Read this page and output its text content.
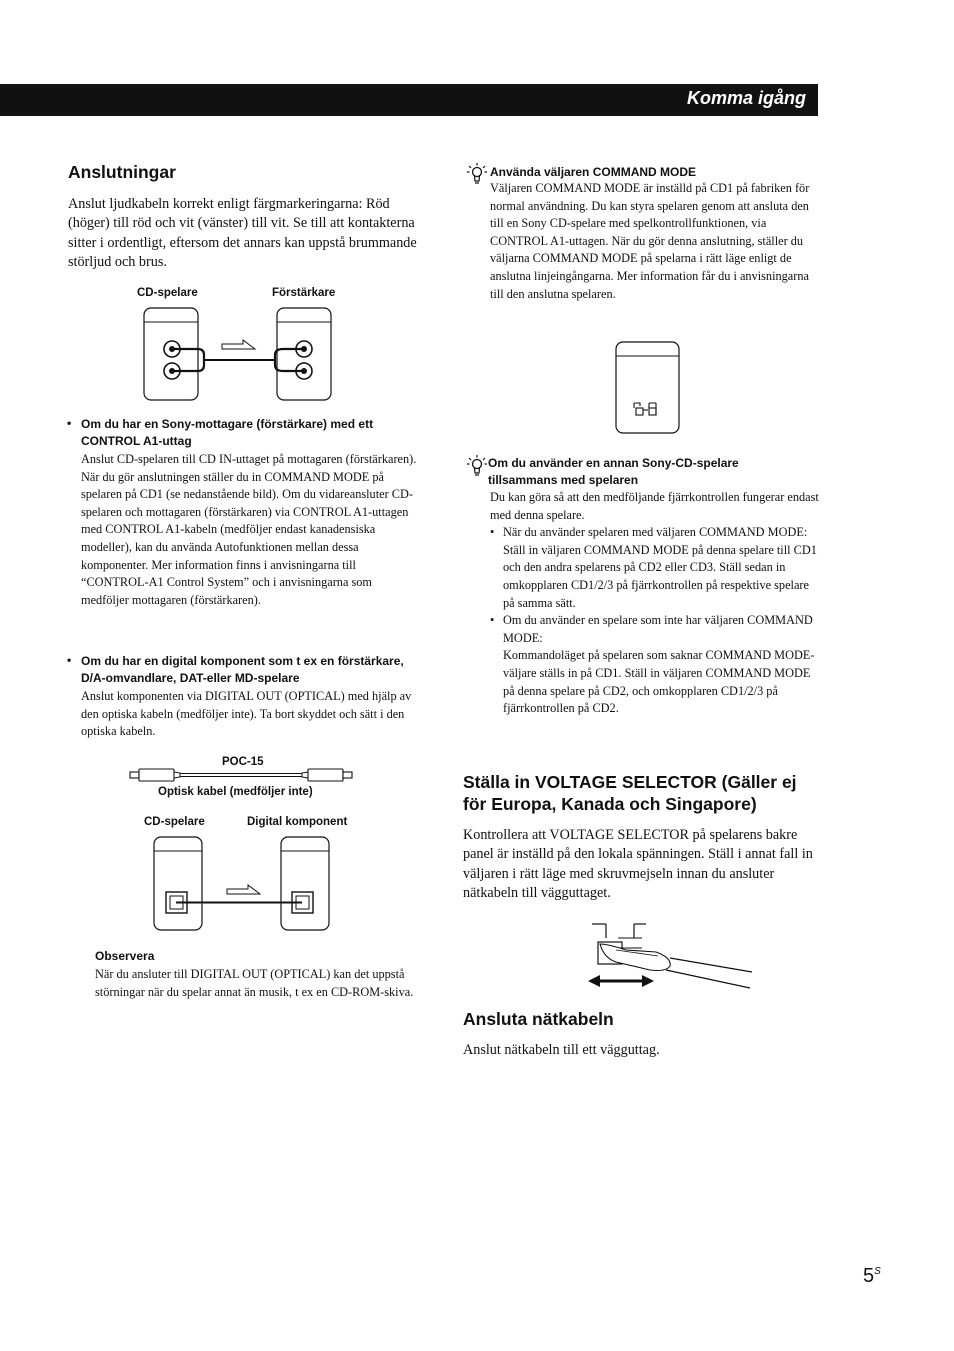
Komma igång
Anslutningar
Anslut ljudkabeln korrekt enligt färgmarkeringarna: Röd (höger) till röd och vit (vänster) till vit. Se till att kontakterna sitter i ordentligt, eftersom det annars kan uppstå brummande störljud och brus.
CD-spelare	Förstärkare
• Om du har en Sony-mottagare (förstärkare) med ett CONTROL A1-uttag
Anslut CD-spelaren till CD IN-uttaget på mottagaren (förstärkaren). När du gör anslutningen ställer du in COMMAND MODE på spelaren på CD1 (se nedanstående bild). Om du vidareansluter CD-spelaren och mottagaren (förstärkaren) via CONTROL A1-uttagen med CONTROL A1-kabeln (medföljer endast kanadensiska modeller), kan du använda Autofunktionen mellan dessa komponenter. Mer information finns i anvisningarna till “CONTROL-A1 Control System” och i anvisningarna som medföljer mottagaren (förstärkaren).
• Om du har en digital komponent som t ex en förstärkare, D/A-omvandlare, DAT-eller MD-spelare
Anslut komponenten via DIGITAL OUT (OPTICAL) med hjälp av den optiska kabeln (medföljer inte). Ta bort skyddet och sätt i den optiska kabeln.
POC-15
Optisk kabel (medföljer inte)
CD-spelare	Digital komponent
Observera
När du ansluter till DIGITAL OUT (OPTICAL) kan det uppstå störningar när du spelar annat än musik, t ex en CD-ROM-skiva.
Använda väljaren COMMAND MODE
Väljaren COMMAND MODE är inställd på CD1 på fabriken för normal användning. Du kan styra spelaren genom att ansluta den till en Sony CD-spelare med spelkontrollfunktionen, via CONTROL A1-uttagen. När du gör denna anslutning, ställer du väljarna COMMAND MODE på spelarna i rätt läge enligt de anslutna linjeingångarna. Mer information får du i anvisningarna till den anslutna spelaren.
Om du använder en annan Sony-CD-spelare tillsammans med spelaren
Du kan göra så att den medföljande fjärrkontrollen fungerar endast med denna spelare.
• När du använder spelaren med väljaren COMMAND MODE:
Ställ in väljaren COMMAND MODE på denna spelare till CD1 och den andra spelarens på CD2 eller CD3. Ställ sedan in omkopplaren CD1/2/3 på fjärrkontrollen på respektive spelare på samma sätt.
• Om du använder en spelare som inte har väljaren COMMAND MODE:
Kommandoläget på spelaren som saknar COMMAND MODE-väljare ställs in på CD1. Ställ in väljaren COMMAND MODE på denna spelare på CD2, och omkopplaren CD1/2/3 på fjärrkontrollen på CD2.
Ställa in VOLTAGE SELECTOR (Gäller ej för Europa, Kanada och Singapore)
Kontrollera att VOLTAGE SELECTOR på spelarens bakre panel är inställd på den lokala spänningen. Ställ i annat fall in väljaren i rätt läge med skruvmejseln innan du ansluter nätkabeln till vägguttaget.
Ansluta nätkabeln
Anslut nätkabeln till ett vägguttag.
$5^S$
